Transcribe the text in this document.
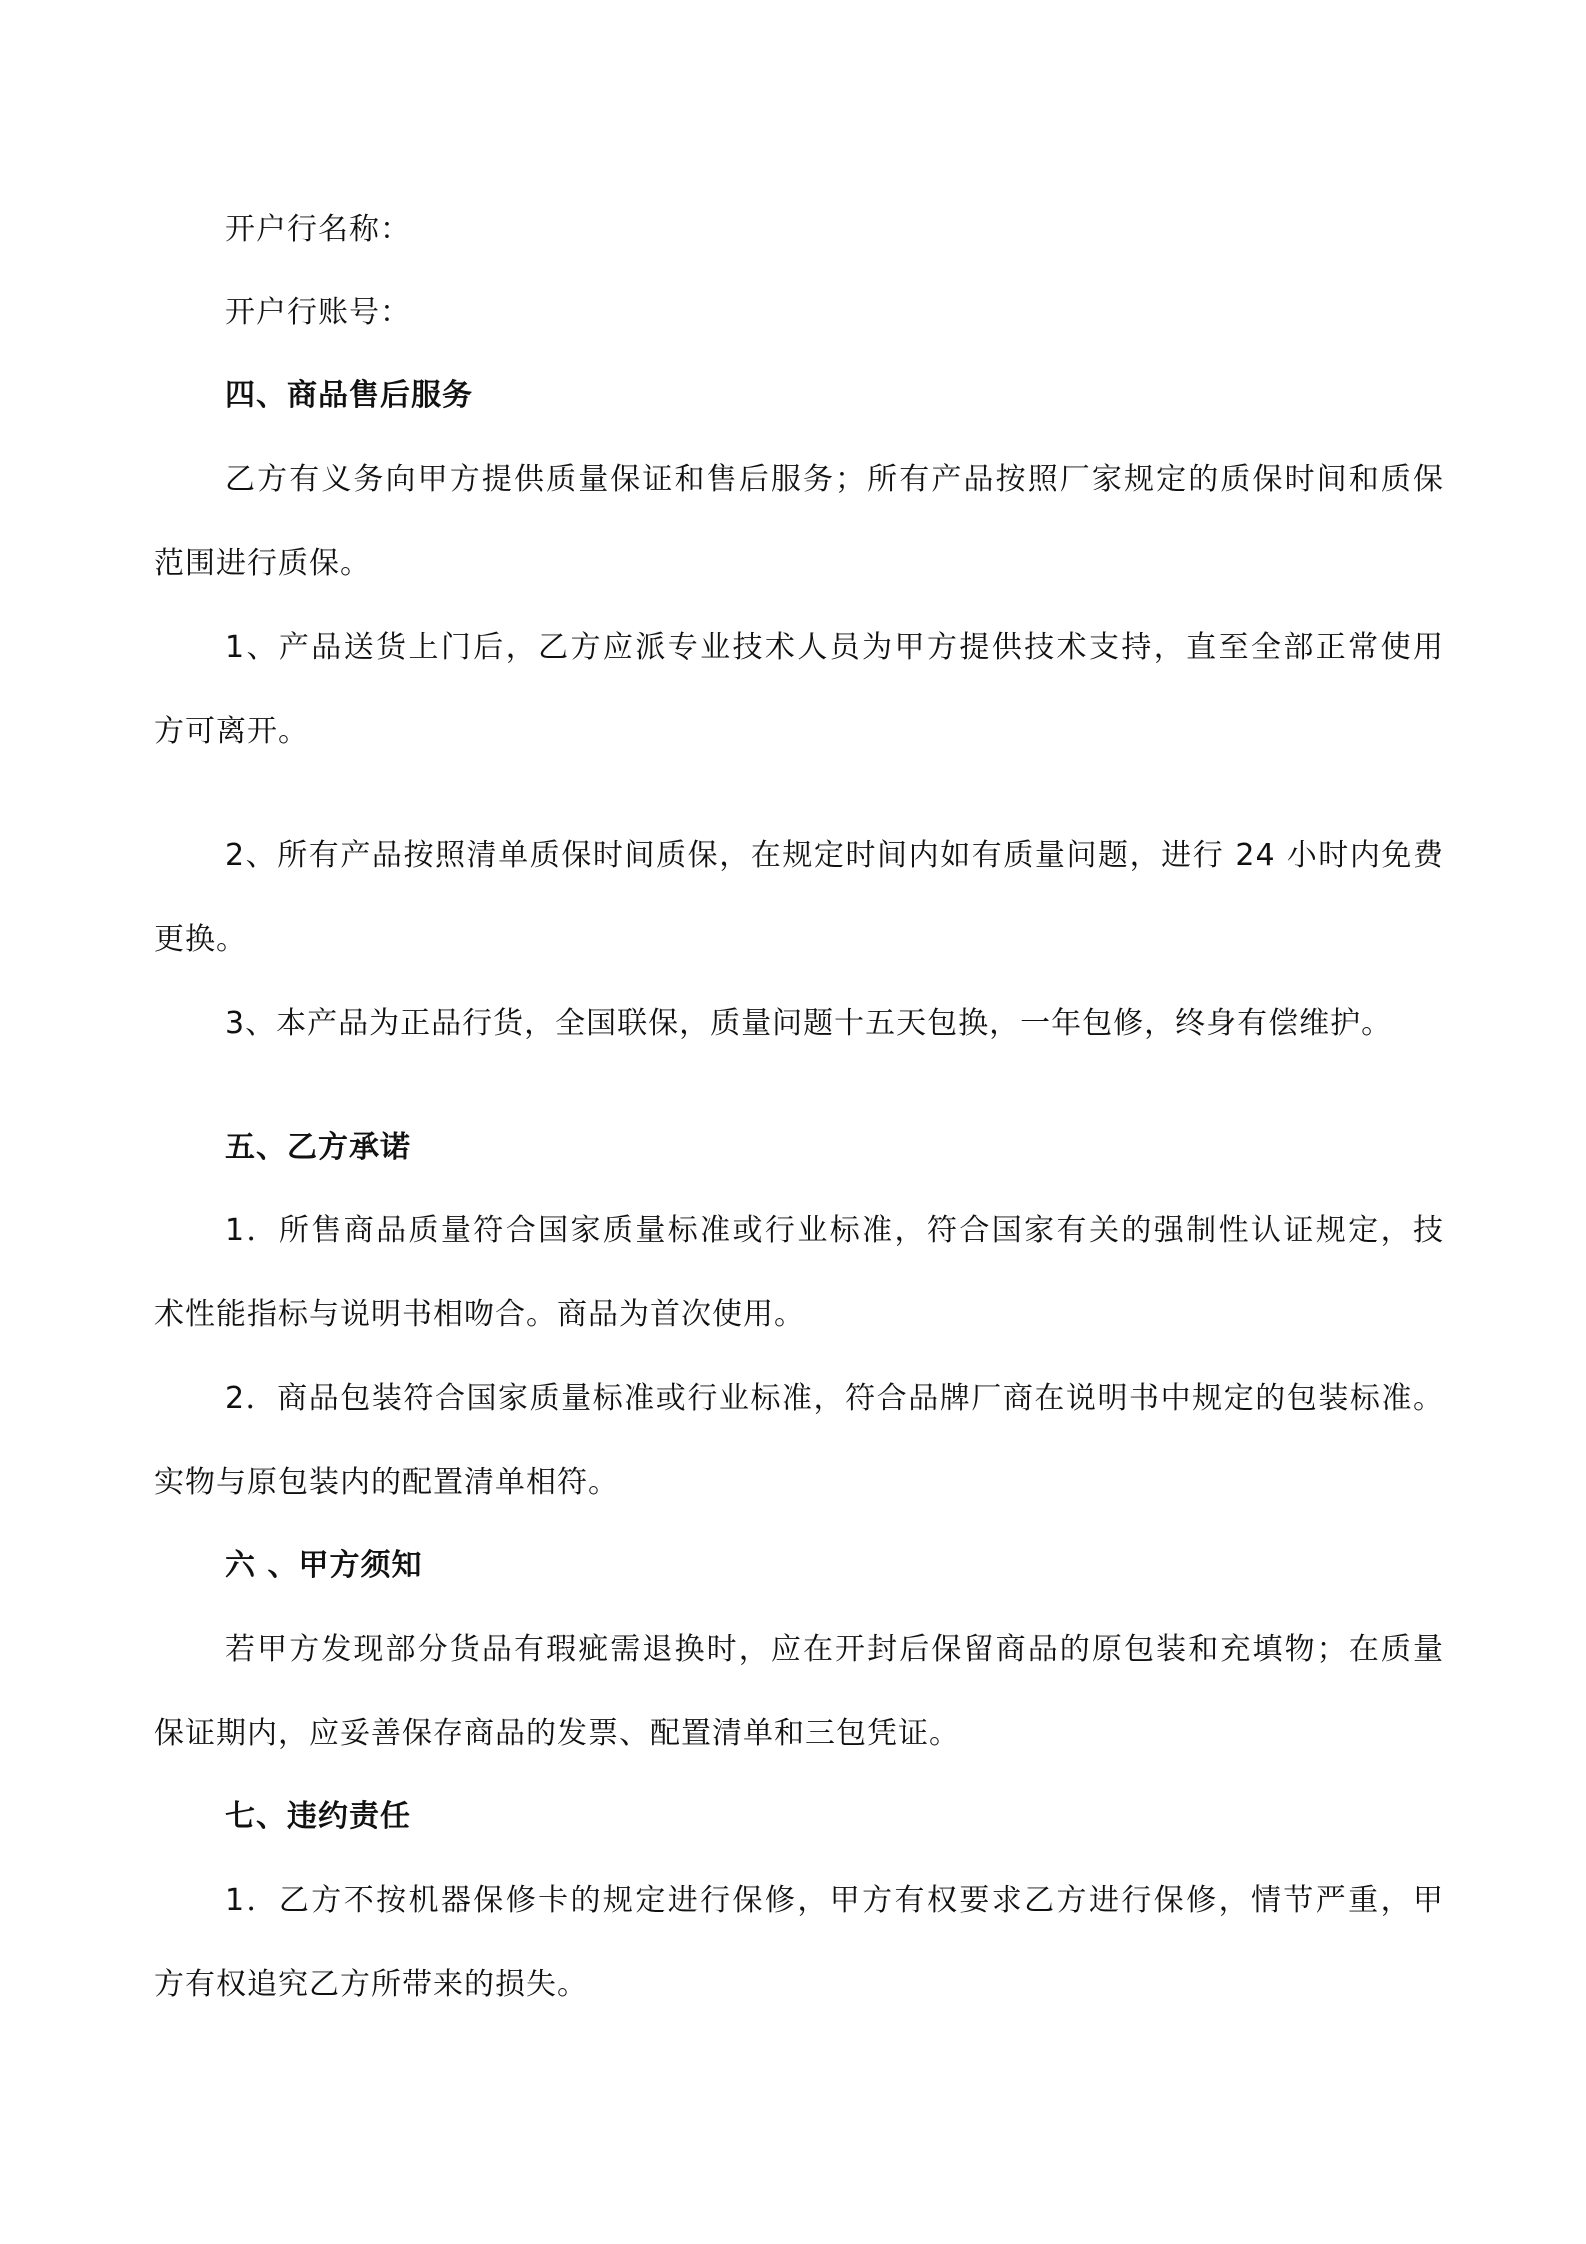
开户行名称：
开户行账号：
四、商品售后服务
乙方有义务向甲方提供质量保证和售后服务；所有产品按照厂家规定的质保时间和质保
范围进行质保。
1、产品送货上门后，乙方应派专业技术人员为甲方提供技术支持，直至全部正常使用
方可离开。
2、所有产品按照清单质保时间质保，在规定时间内如有质量问题，进行 24 小时内免费
更换。
3、本产品为正品行货，全国联保，质量问题十五天包换，一年包修，终身有偿维护。
五、乙方承诺
1．所售商品质量符合国家质量标准或行业标准，符合国家有关的强制性认证规定，技
术性能指标与说明书相吻合。商品为首次使用。
2．商品包装符合国家质量标准或行业标准，符合品牌厂商在说明书中规定的包装标准。
实物与原包装内的配置清单相符。
六 、甲方须知
若甲方发现部分货品有瑕疵需退换时，应在开封后保留商品的原包装和充填物；在质量
保证期内，应妥善保存商品的发票、配置清单和三包凭证。
七、违约责任
1．乙方不按机器保修卡的规定进行保修，甲方有权要求乙方进行保修，情节严重，甲
方有权追究乙方所带来的损失。
